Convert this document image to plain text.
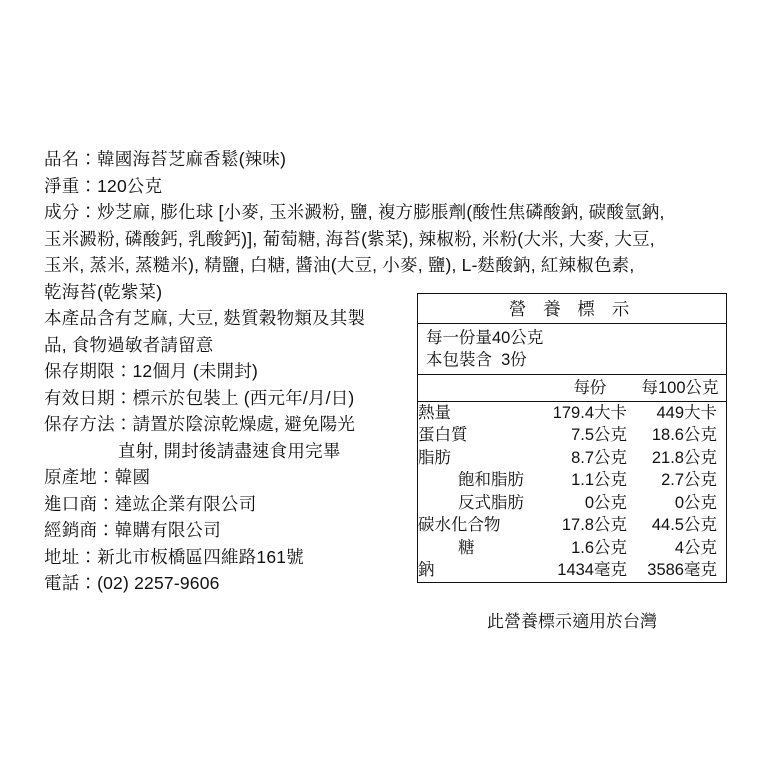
品名：韓國海苔芝麻香鬆(辣味)
淨重：120公克
成分：炒芝麻, 膨化球 [小麥, 玉米澱粉, 鹽, 複方膨脹劑(酸性焦磷酸鈉, 碳酸氫鈉,
玉米澱粉, 磷酸鈣, 乳酸鈣)], 葡萄糖, 海苔(紫菜), 辣椒粉, 米粉(大米, 大麥, 大豆,
玉米, 蒸米, 蒸糙米), 精鹽, 白糖, 醬油(大豆, 小麥, 鹽), L-麩酸鈉, 紅辣椒色素,
乾海苔(乾紫菜)
本產品含有芝麻, 大豆, 麩質穀物類及其製
品, 食物過敏者請留意
保存期限：12個月 (未開封)
有效日期：標示於包裝上 (西元年/月/日)
保存方法：請置於陰涼乾燥處, 避免陽光
直射, 開封後請盡速食用完畢
原產地：韓國
進口商：達竑企業有限公司
經銷商：韓購有限公司
地址：新北市板橋區四維路161號
電話：(02) 2257-9606
營 養 標 示
每一份量40公克
本包裝含  3份
每份	每100公克
熱量	179.4	大卡	449	大卡
蛋白質	7.5	公克	18.6	公克
脂肪	8.7	公克	21.8	公克
飽和脂肪	1.1	公克	2.7	公克
反式脂肪	0	公克	0	公克
碳水化合物	17.8	公克	44.5	公克
糖	1.6	公克	4	公克
鈉	1434	毫克	3586	毫克
此營養標示適用於台灣
